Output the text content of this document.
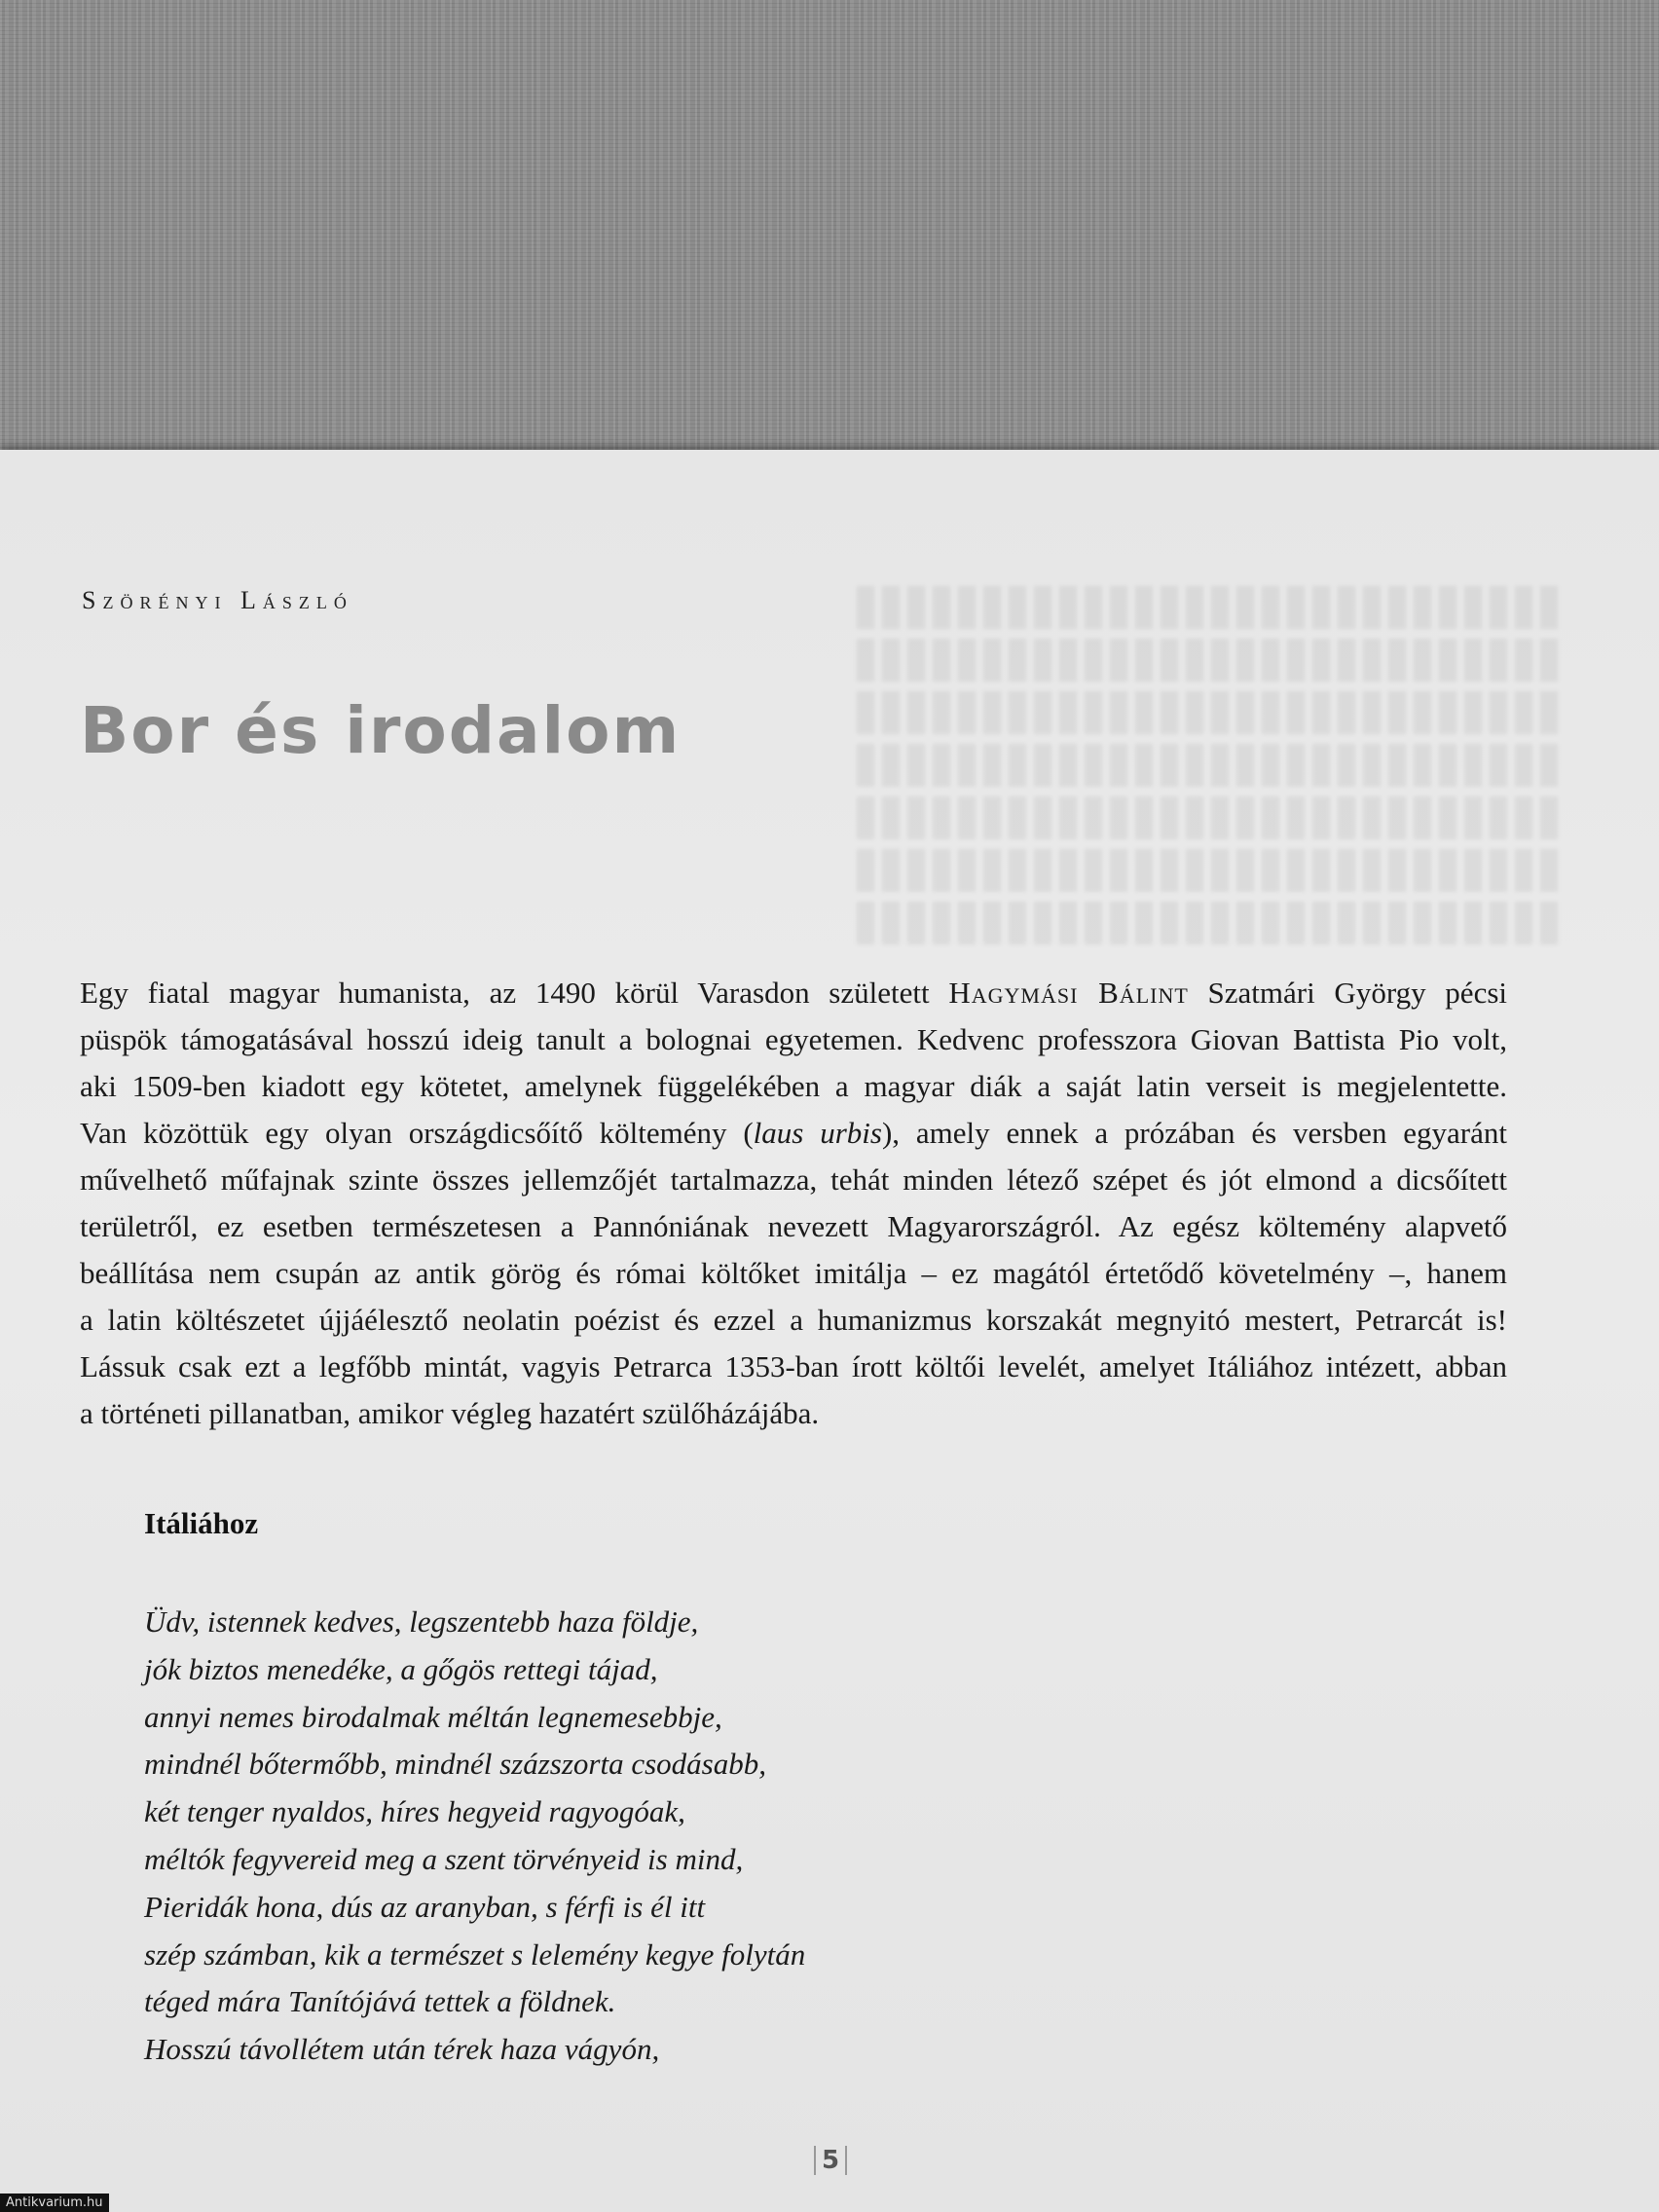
Szörényi László
Bor és irodalom
Egy fiatal magyar humanista, az 1490 körül Varasdon született Hagymási Bálint Szatmári György pécsi
püspök támogatásával hosszú ideig tanult a bolognai egyetemen. Kedvenc professzora Giovan Battista Pio volt,
aki 1509-ben kiadott egy kötetet, amelynek függelékében a magyar diák a saját latin verseit is megjelentette.
Van közöttük egy olyan országdicsőítő költemény (laus urbis), amely ennek a prózában és versben egyaránt
művelhető műfajnak szinte összes jellemzőjét tartalmazza, tehát minden létező szépet és jót elmond a dicsőített
területről, ez esetben természetesen a Pannóniának nevezett Magyarországról. Az egész költemény alapvető
beállítása nem csupán az antik görög és római költőket imitálja – ez magától értetődő követelmény –, hanem
a latin költészetet újjáélesztő neolatin poézist és ezzel a humanizmus korszakát megnyitó mestert, Petrarcát is!
Lássuk csak ezt a legfőbb mintát, vagyis Petrarca 1353-ban írott költői levelét, amelyet Itáliához intézett, abban
a történeti pillanatban, amikor végleg hazatért szülőházájába.
Itáliához
Üdv, istennek kedves, legszentebb haza földje,
jók biztos menedéke, a gőgös rettegi tájad,
annyi nemes birodalmak méltán legnemesebbje,
mindnél bőtermőbb, mindnél százszorta csodásabb,
két tenger nyaldos, híres hegyeid ragyogóak,
méltók fegyvereid meg a szent törvényeid is mind,
Pieridák hona, dús az aranyban, s férfi is él itt
szép számban, kik a természet s lelemény kegye folytán
téged mára Tanítójává tettek a földnek.
Hosszú távollétem után térek haza vágyón,
5
Antikvarium.hu
